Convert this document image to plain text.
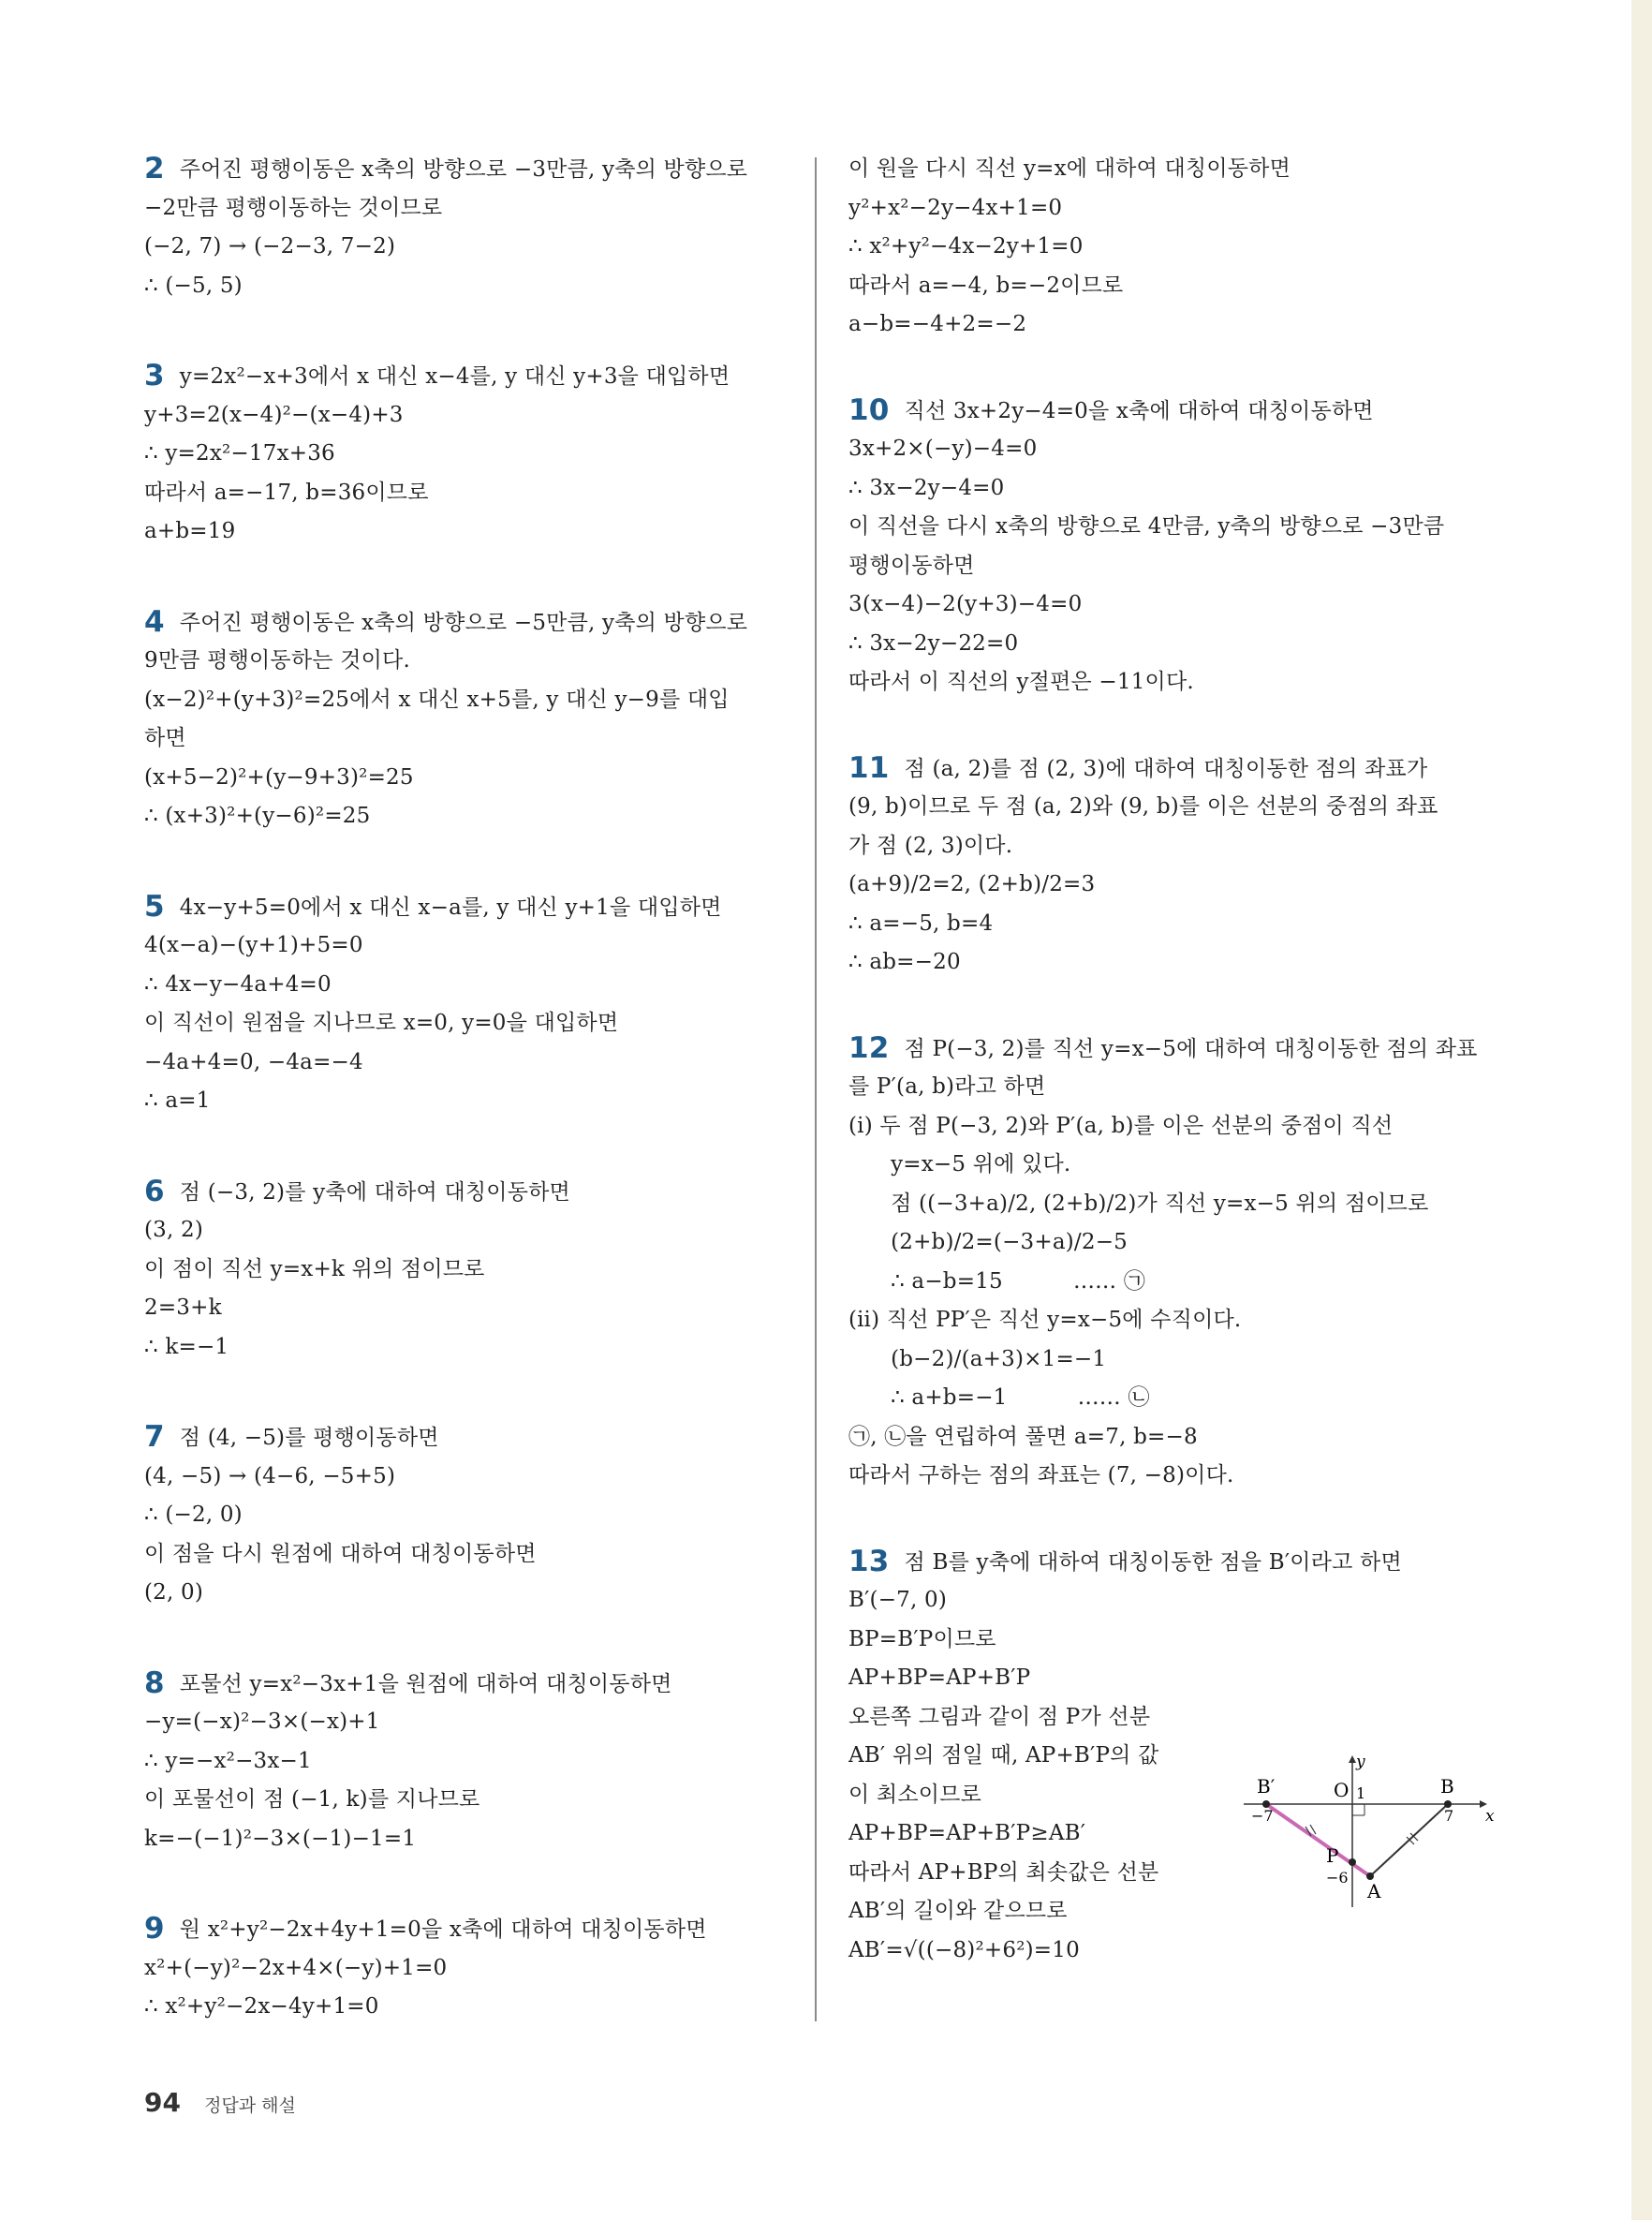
2 주어진 평행이동은 x축의 방향으로 −3만큼, y축의 방향으로
−2만큼 평행이동하는 것이므로
(−2, 7) → (−2−3, 7−2)
∴ (−5, 5)
3 y=2x²−x+3에서 x 대신 x−4를, y 대신 y+3을 대입하면
y+3=2(x−4)²−(x−4)+3
∴ y=2x²−17x+36
따라서 a=−17, b=36이므로
a+b=19
4 주어진 평행이동은 x축의 방향으로 −5만큼, y축의 방향으로
9만큼 평행이동하는 것이다.
(x−2)²+(y+3)²=25에서 x 대신 x+5를, y 대신 y−9를 대입
하면
(x+5−2)²+(y−9+3)²=25
∴ (x+3)²+(y−6)²=25
5 4x−y+5=0에서 x 대신 x−a를, y 대신 y+1을 대입하면
4(x−a)−(y+1)+5=0
∴ 4x−y−4a+4=0
이 직선이 원점을 지나므로 x=0, y=0을 대입하면
−4a+4=0, −4a=−4
∴ a=1
6 점 (−3, 2)를 y축에 대하여 대칭이동하면
(3, 2)
이 점이 직선 y=x+k 위의 점이므로
2=3+k
∴ k=−1
7 점 (4, −5)를 평행이동하면
(4, −5) → (4−6, −5+5)
∴ (−2, 0)
이 점을 다시 원점에 대하여 대칭이동하면
(2, 0)
8 포물선 y=x²−3x+1을 원점에 대하여 대칭이동하면
−y=(−x)²−3×(−x)+1
∴ y=−x²−3x−1
이 포물선이 점 (−1, k)를 지나므로
k=−(−1)²−3×(−1)−1=1
9 원 x²+y²−2x+4y+1=0을 x축에 대하여 대칭이동하면
x²+(−y)²−2x+4×(−y)+1=0
∴ x²+y²−2x−4y+1=0
이 원을 다시 직선 y=x에 대하여 대칭이동하면
y²+x²−2y−4x+1=0
∴ x²+y²−4x−2y+1=0
따라서 a=−4, b=−2이므로
a−b=−4+2=−2
10 직선 3x+2y−4=0을 x축에 대하여 대칭이동하면
3x+2×(−y)−4=0
∴ 3x−2y−4=0
이 직선을 다시 x축의 방향으로 4만큼, y축의 방향으로 −3만큼
평행이동하면
3(x−4)−2(y+3)−4=0
∴ 3x−2y−22=0
따라서 이 직선의 y절편은 −11이다.
11 점 (a, 2)를 점 (2, 3)에 대하여 대칭이동한 점의 좌표가
(9, b)이므로 두 점 (a, 2)와 (9, b)를 이은 선분의 중점의 좌표
가 점 (2, 3)이다.
(a+9)/2=2, (2+b)/2=3
∴ a=−5, b=4
∴ ab=−20
12 점 P(−3, 2)를 직선 y=x−5에 대하여 대칭이동한 점의 좌표
를 P′(a, b)라고 하면
(ⅰ) 두 점 P(−3, 2)와 P′(a, b)를 이은 선분의 중점이 직선
y=x−5 위에 있다.
점 ((−3+a)/2, (2+b)/2)가 직선 y=x−5 위의 점이므로
(2+b)/2=(−3+a)/2−5
∴ a−b=15          …… ㉠
(ⅱ) 직선 PP′은 직선 y=x−5에 수직이다.
(b−2)/(a+3)×1=−1
∴ a+b=−1          …… ㉡
㉠, ㉡을 연립하여 풀면 a=7, b=−8
따라서 구하는 점의 좌표는 (7, −8)이다.
13 점 B를 y축에 대하여 대칭이동한 점을 B′이라고 하면
B′(−7, 0)
BP=B′P이므로
AP+BP=AP+B′P
오른쪽 그림과 같이 점 P가 선분
AB′ 위의 점일 때, AP+B′P의 값
이 최소이므로
AP+BP=AP+B′P≥AB′
따라서 AP+BP의 최솟값은 선분
AB′의 길이와 같으므로
AB′=√((−8)²+6²)=10
B′	B
O
y
x
−7
1
7
P
−6
A
94 정답과 해설
